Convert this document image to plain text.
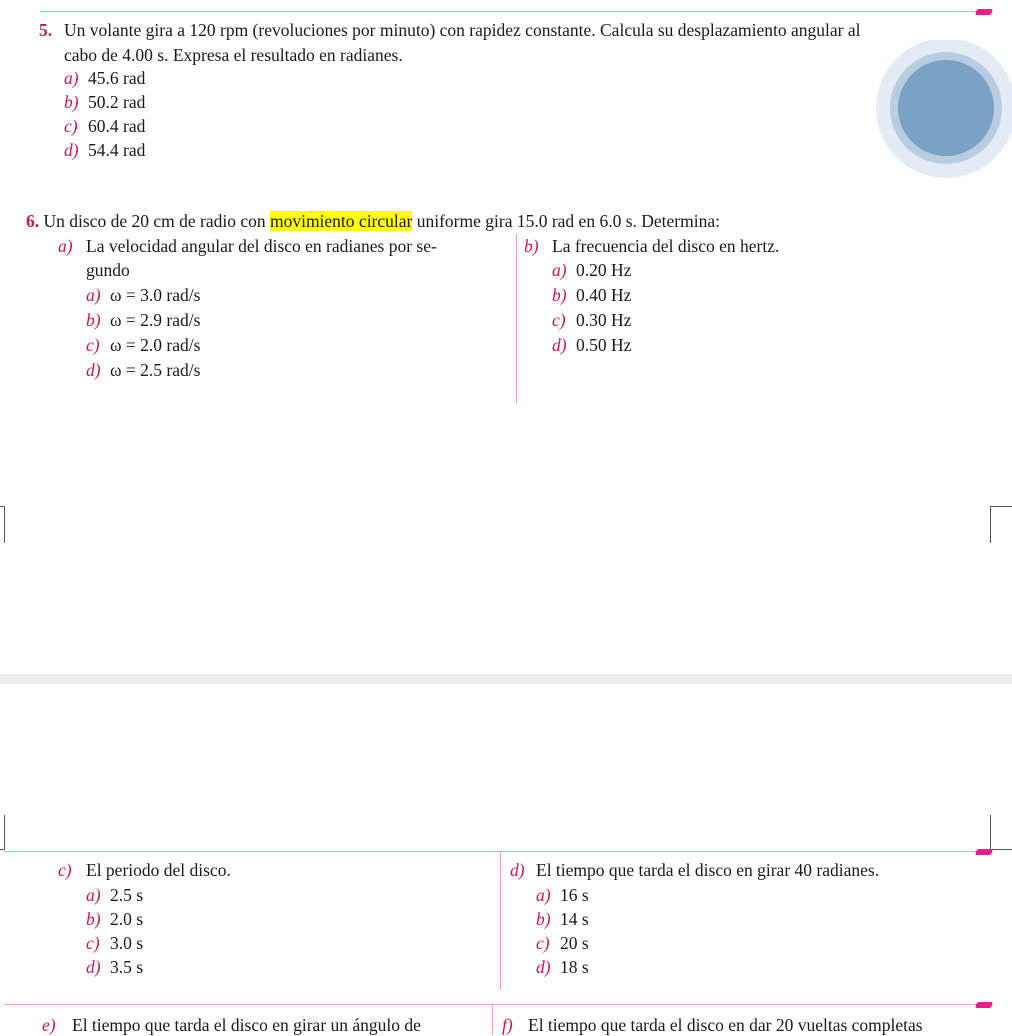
5. Un volante gira a 120 rpm (revoluciones por minuto) con rapidez constante. Calcula su desplazamiento angular al
cabo de 4.00 s. Expresa el resultado en radianes.
a) 45.6 rad
b) 50.2 rad
c) 60.4 rad
d) 54.4 rad
6. Un disco de 20 cm de radio con movimiento circular uniforme gira 15.0 rad en 6.0 s. Determina:
a) La velocidad angular del disco en radianes por se-
gundo
a) ω = 3.0 rad/s
b) ω = 2.9 rad/s
c) ω = 2.0 rad/s
d) ω = 2.5 rad/s
b) La frecuencia del disco en hertz.
a) 0.20 Hz
b) 0.40 Hz
c) 0.30 Hz
d) 0.50 Hz
c) El periodo del disco.
a) 2.5 s
b) 2.0 s
c) 3.0 s
d) 3.5 s
d) El tiempo que tarda el disco en girar 40 radianes.
a) 16 s
b) 14 s
c) 20 s
d) 18 s
e) El tiempo que tarda el disco en girar un ángulo de	f) El tiempo que tarda el disco en dar 20 vueltas completas
